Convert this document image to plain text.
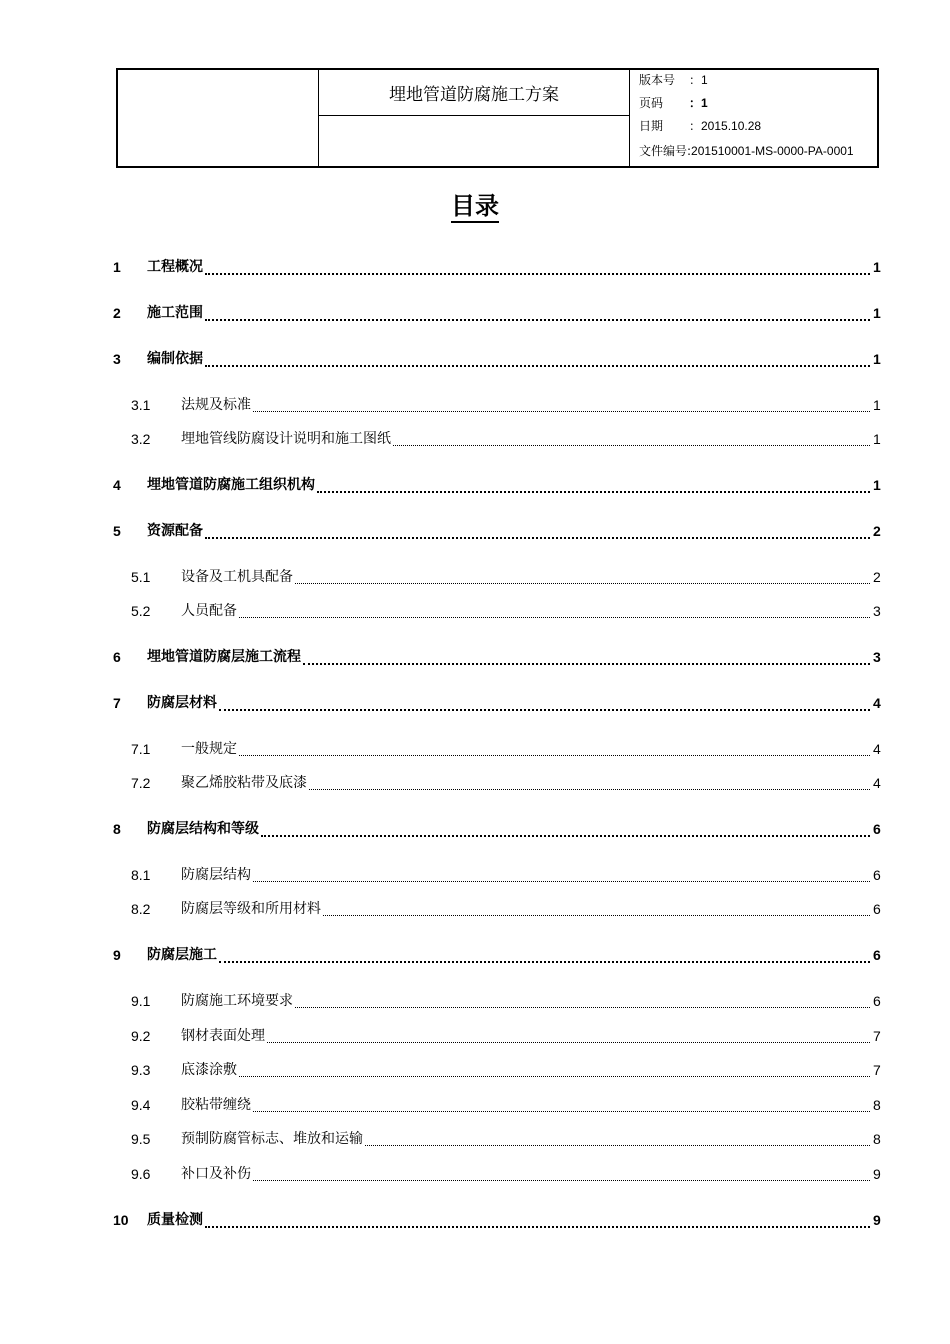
埋地管道防腐施工方案
版本号 ：1
页码 ：1
日期 ：2015.10.28
文件编号:201510001-MS-0000-PA-0001
目录
1 工程概况	1
2 施工范围	1
3 编制依据	1
3.1 法规及标准	1
3.2 埋地管线防腐设计说明和施工图纸	1
4 埋地管道防腐施工组织机构	1
5 资源配备	2
5.1 设备及工机具配备	2
5.2 人员配备	3
6 埋地管道防腐层施工流程	3
7 防腐层材料	4
7.1 一般规定	4
7.2 聚乙烯胶粘带及底漆	4
8 防腐层结构和等级	6
8.1 防腐层结构	6
8.2 防腐层等级和所用材料	6
9 防腐层施工	6
9.1 防腐施工环境要求	6
9.2 钢材表面处理	7
9.3 底漆涂敷	7
9.4 胶粘带缠绕	8
9.5 预制防腐管标志、堆放和运输	8
9.6 补口及补伤	9
10 质量检测	9
